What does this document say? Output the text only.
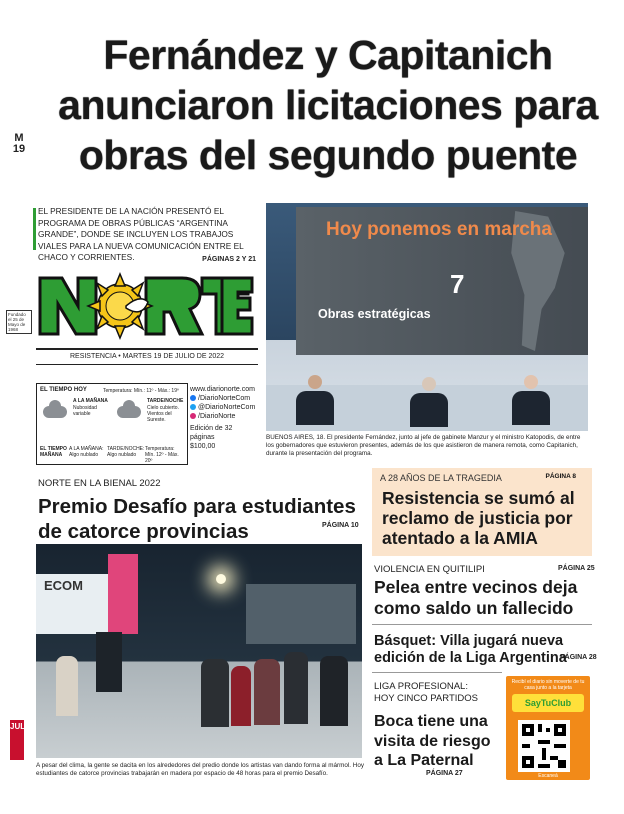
Fernández y Capitanich anunciaron licitaciones para obras del segundo puente
M
19
EL PRESIDENTE DE LA NACIÓN PRESENTÓ EL PROGRAMA DE OBRAS PÚBLICAS “ARGENTINA GRANDE”, DONDE SE INCLUYEN LOS TRABAJOS VIALES PARA LA NUEVA COMUNICACIÓN ENTRE EL CHACO Y CORRIENTES.	PÁGINAS 2 Y 21
Fundado el 25 de Mayo de 1968
RESISTENCIA • MARTES 19 DE JULIO DE 2022
EL TIEMPO HOY	Temperatura: Mín.: 11º - Máx.: 19º
A LA MAÑANA
Nubosidad variable
TARDE/NOCHE
Cielo cubierto. Vientos del Sureste.
EL TIEMPO MAÑANA
A LA MAÑANA: Algo nublado
TARDE/NOCHE: Algo nublado
Temperatura: Mín. 12º - Máx. 20º
www.diarionorte.com
/DiarioNorteCom
@DiarioNorteCom
/DiarioNorte
Edición de 32 páginas
$100,00
Hoy ponemos en marcha
7
Obras estratégicas
BUENOS AIRES, 18. El presidente Fernández, junto al jefe de gabinete Manzur y el ministro Katopodis, de entre los gobernadores que estuvieron presentes, además de los que asistieron de manera remota, como Capitanich, durante la presentación del programa.
A 28 AÑOS DE LA TRAGEDIA	PÁGINA 8
Resistencia se sumó al reclamo de justicia por atentado a la AMIA
NORTE EN LA BIENAL 2022
Premio Desafío para estudiantes de catorce provincias	PÁGINA 10
ECOM
A pesar del clima, la gente se dacita en los alrededores del predio donde los artistas van dando forma al mármol. Hoy estudiantes de catorce provincias trabajarán en madera por espacio de 48 horas para el premio Desafío.
JUL
VIOLENCIA EN QUITILIPI	PÁGINA 25
Pelea entre vecinos deja como saldo un fallecido
Básquet: Villa jugará nueva edición de la Liga Argentina
PÁGINA 28
LIGA PROFESIONAL:
HOY CINCO PARTIDOS
Boca tiene una visita de riesgo a La Paternal
PÁGINA 27
Recibí el diario sin moverte de tu casa junto a la tarjeta
SayTuClub
Escaneá
